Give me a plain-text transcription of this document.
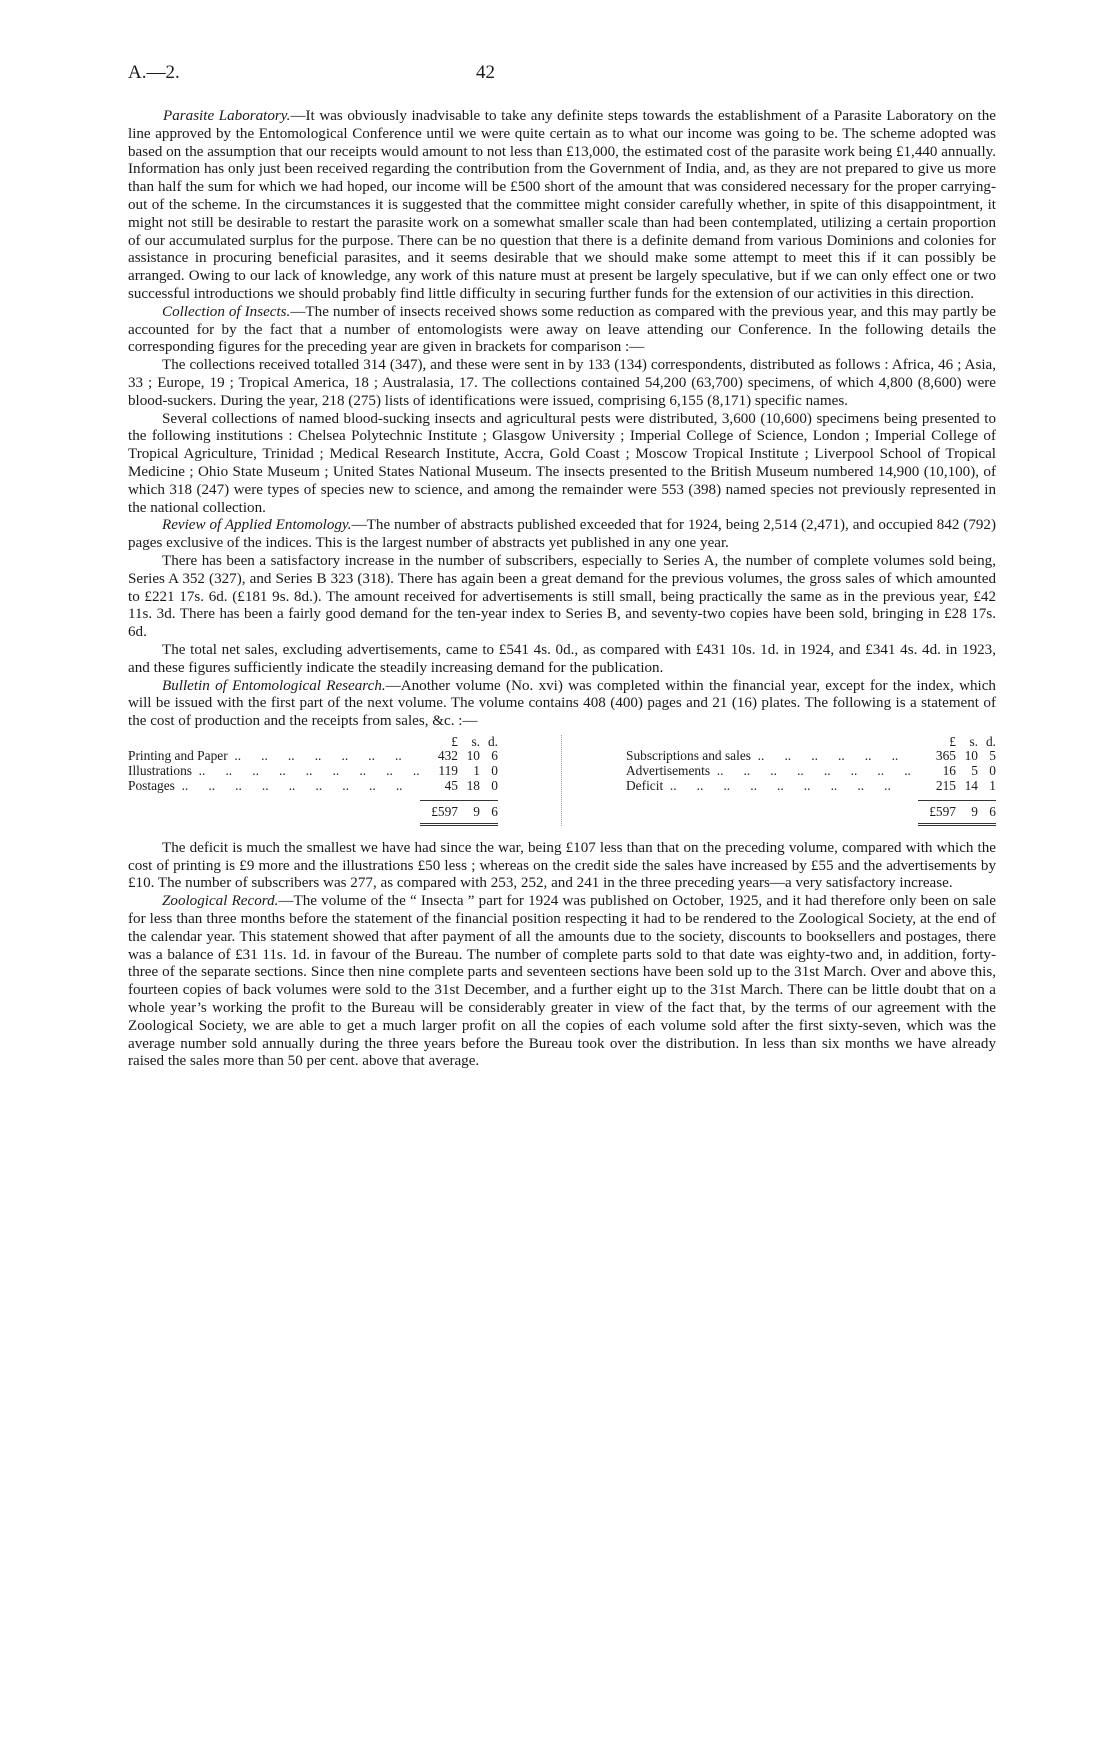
A.—2.	42

Parasite Laboratory.—It was obviously inadvisable to take any definite steps towards the establishment of a Parasite Laboratory on the line approved by the Entomological Conference until we were quite certain as to what our income was going to be. The scheme adopted was based on the assumption that our receipts would amount to not less than £13,000, the estimated cost of the parasite work being £1,440 annually. Information has only just been received regarding the contribution from the Government of India, and, as they are not prepared to give us more than half the sum for which we had hoped, our income will be £500 short of the amount that was considered necessary for the proper carrying-out of the scheme. In the circumstances it is suggested that the committee might consider carefully whether, in spite of this disappointment, it might not still be desirable to restart the parasite work on a somewhat smaller scale than had been contemplated, utilizing a certain proportion of our accumulated surplus for the purpose. There can be no question that there is a definite demand from various Dominions and colonies for assistance in procuring beneficial parasites, and it seems desirable that we should make some attempt to meet this if it can possibly be arranged. Owing to our lack of knowledge, any work of this nature must at present be largely speculative, but if we can only effect one or two successful introductions we should probably find little difficulty in securing further funds for the extension of our activities in this direction.

Collection of Insects.—The number of insects received shows some reduction as compared with the previous year, and this may partly be accounted for by the fact that a number of entomologists were away on leave attending our Conference. In the following details the corresponding figures for the preceding year are given in brackets for comparison :—

The collections received totalled 314 (347), and these were sent in by 133 (134) correspondents, distributed as follows : Africa, 46 ; Asia, 33 ; Europe, 19 ; Tropical America, 18 ; Australasia, 17. The collections contained 54,200 (63,700) specimens, of which 4,800 (8,600) were blood-suckers. During the year, 218 (275) lists of identifications were issued, comprising 6,155 (8,171) specific names.

Several collections of named blood-sucking insects and agricultural pests were distributed, 3,600 (10,600) specimens being presented to the following institutions : Chelsea Polytechnic Institute ; Glasgow University ; Imperial College of Science, London ; Imperial College of Tropical Agriculture, Trinidad ; Medical Research Institute, Accra, Gold Coast ; Moscow Tropical Institute ; Liverpool School of Tropical Medicine ; Ohio State Museum ; United States National Museum. The insects presented to the British Museum numbered 14,900 (10,100), of which 318 (247) were types of species new to science, and among the remainder were 553 (398) named species not previously represented in the national collection.

Review of Applied Entomology.—The number of abstracts published exceeded that for 1924, being 2,514 (2,471), and occupied 842 (792) pages exclusive of the indices. This is the largest number of abstracts yet published in any one year.

There has been a satisfactory increase in the number of subscribers, especially to Series A, the number of complete volumes sold being, Series A 352 (327), and Series B 323 (318). There has again been a great demand for the previous volumes, the gross sales of which amounted to £221 17s. 6d. (£181 9s. 8d.). The amount received for advertisements is still small, being practically the same as in the previous year, £42 11s. 3d. There has been a fairly good demand for the ten-year index to Series B, and seventy-two copies have been sold, bringing in £28 17s. 6d.

The total net sales, excluding advertisements, came to £541 4s. 0d., as compared with £431 10s. 1d. in 1924, and £341 4s. 4d. in 1923, and these figures sufficiently indicate the steadily increasing demand for the publication.

Bulletin of Entomological Research.—Another volume (No. xvi) was completed within the financial year, except for the index, which will be issued with the first part of the next volume. The volume contains 408 (400) pages and 21 (16) plates. The following is a statement of the cost of production and the receipts from sales, &c. :—

£	s. d.
Printing and Paper ..	432 10 6
Illustrations ..	119	1 0
Postages ..	45 18 0
£597	9 6
£	s. d.
Subscriptions and sales ..	365 10 5
Advertisements ..	16	5 0
Deficit ..	215 14 1
£597	9 6

The deficit is much the smallest we have had since the war, being £107 less than that on the preceding volume, compared with which the cost of printing is £9 more and the illustrations £50 less ; whereas on the credit side the sales have increased by £55 and the advertisements by £10. The number of subscribers was 277, as compared with 253, 252, and 241 in the three preceding years—a very satisfactory increase.

Zoological Record.—The volume of the “ Insecta ” part for 1924 was published on October, 1925, and it had therefore only been on sale for less than three months before the statement of the financial position respecting it had to be rendered to the Zoological Society, at the end of the calendar year. This statement showed that after payment of all the amounts due to the society, discounts to booksellers and postages, there was a balance of £31 11s. 1d. in favour of the Bureau. The number of complete parts sold to that date was eighty-two and, in addition, forty-three of the separate sections. Since then nine complete parts and seventeen sections have been sold up to the 31st March. Over and above this, fourteen copies of back volumes were sold to the 31st December, and a further eight up to the 31st March. There can be little doubt that on a whole year’s working the profit to the Bureau will be considerably greater in view of the fact that, by the terms of our agreement with the Zoological Society, we are able to get a much larger profit on all the copies of each volume sold after the first sixty-seven, which was the average number sold annually during the three years before the Bureau took over the distribution. In less than six months we have already raised the sales more than 50 per cent. above that average.
